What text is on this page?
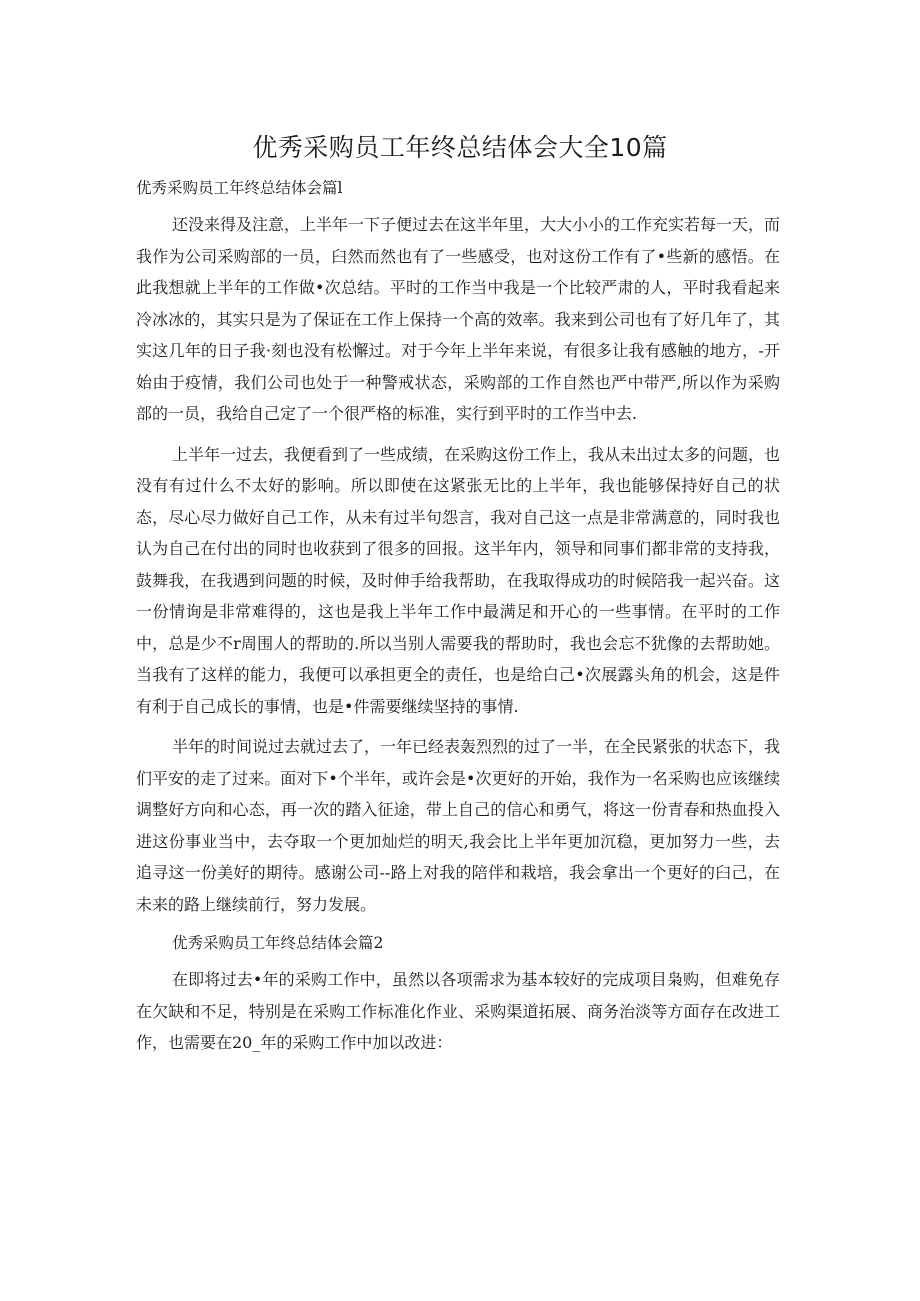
优秀采购员工年终总结体会大全10篇
优秀采购员工年终总结体会篇l

还没来得及注意，上半年一下子便过去在这半年里，大大小小的工作充实若每一天，而我作为公司采购部的一员，臼然而然也有了一些感受，也对这份工作有了•些新的感悟。在此我想就上半年的工作做•次总结。平时的工作当中我是一个比较严肃的人，平时我看起来冷冰冰的，其实只是为了保证在工作上保持一个高的效率。我来到公司也有了好几年了，其实这几年的日子我·刻也没有松懈过。对于今年上半年来说，有很多让我有感触的地方，-开始由于疫情，我们公司也处于一种警戒状态，采购部的工作自然也严中带严,所以作为采购部的一员，我给自己定了一个很严格的标准，实行到平时的工作当中去.

上半年一过去，我便看到了一些成绩，在采购这份工作上，我从未出过太多的问题，也没有有过什么不太好的影响。所以即使在这紧张无比的上半年，我也能够保持好自己的状态，尽心尽力做好自己工作，从未有过半句怨言，我对自己这一点是非常满意的，同时我也认为自己在付出的同时也收获到了很多的回报。这半年内，领导和同事们都非常的支持我，鼓舞我，在我遇到问题的时候，及时伸手给我帮助，在我取得成功的时候陪我一起兴奋。这一份情询是非常难得的，这也是我上半年工作中最满足和开心的一些事情。在平时的工作中，总是少不r周围人的帮助的.所以当别人需要我的帮助时，我也会忘不犹像的去帮助她。当我有了这样的能力，我便可以承担更全的责任，也是给白己•次展露头角的机会，这是件有利于自己成长的事情，也是•件需要继续坚持的事情.

半年的时间说过去就过去了，一年已经表轰烈烈的过了一半，在全民紧张的状态下，我们平安的走了过来。面对下•个半年，或许会是•次更好的开始，我作为一名采购也应该继续调整好方向和心态，再一次的踏入征途，带上自己的信心和勇气，将这一份青春和热血投入进这份事业当中，去夺取一个更加灿烂的明天,我会比上半年更加沉稳，更加努力一些，去追寻这一份美好的期待。感谢公司--路上对我的陪伴和栽培，我会拿出一个更好的臼己，在未来的路上继续前行，努力发展。

优秀采购员工年终总结体会篇2

在即将过去•年的采购工作中，虽然以各项需求为基本较好的完成项目枭购，但难免存在欠缺和不足，特别是在采购工作标准化作业、采购渠道拓展、商务治淡等方面存在改进工作，也需要在20_年的采购工作中加以改进：
